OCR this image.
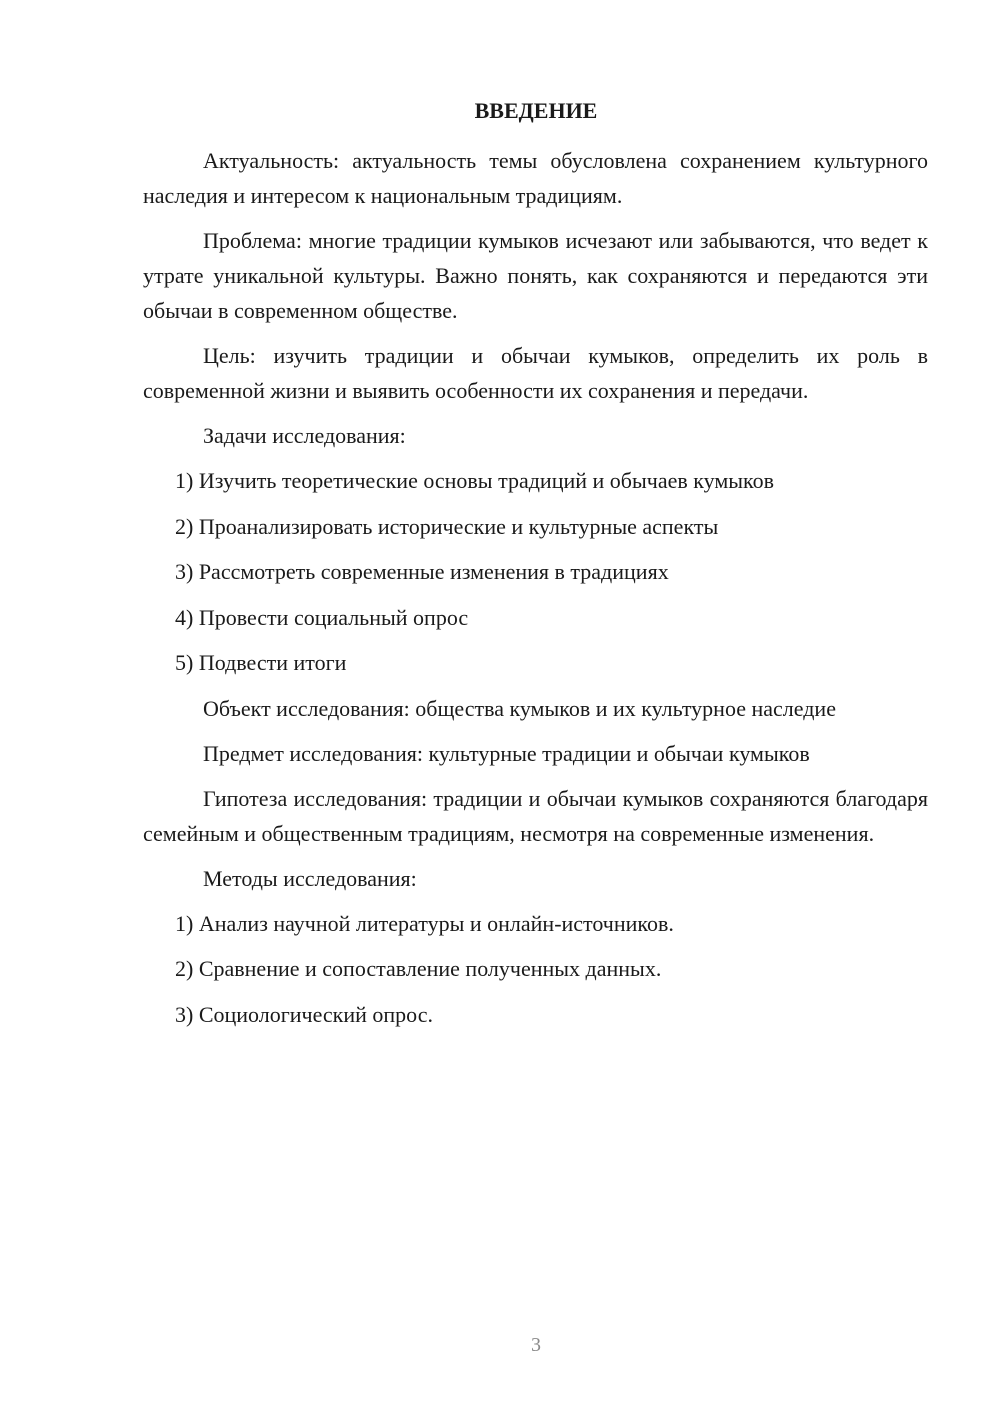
ВВЕДЕНИЕ

Актуальность: актуальность темы обусловлена сохранением культурного наследия и интересом к национальным традициям.

Проблема: многие традиции кумыков исчезают или забываются, что ведет к утрате уникальной культуры. Важно понять, как сохраняются и передаются эти обычаи в современном обществе.

Цель: изучить традиции и обычаи кумыков, определить их роль в современной жизни и выявить особенности их сохранения и передачи.

Задачи исследования:

1) Изучить теоретические основы традиций и обычаев кумыков

2) Проанализировать исторические и культурные аспекты

3) Рассмотреть современные изменения в традициях

4) Провести социальный опрос

5) Подвести итоги

Объект исследования: общества кумыков и их культурное наследие

Предмет исследования: культурные традиции и обычаи кумыков

Гипотеза исследования: традиции и обычаи кумыков сохраняются благодаря семейным и общественным традициям, несмотря на современные изменения.

Методы исследования:

1) Анализ научной литературы и онлайн-источников.

2) Сравнение и сопоставление полученных данных.

3) Социологический опрос.

3
